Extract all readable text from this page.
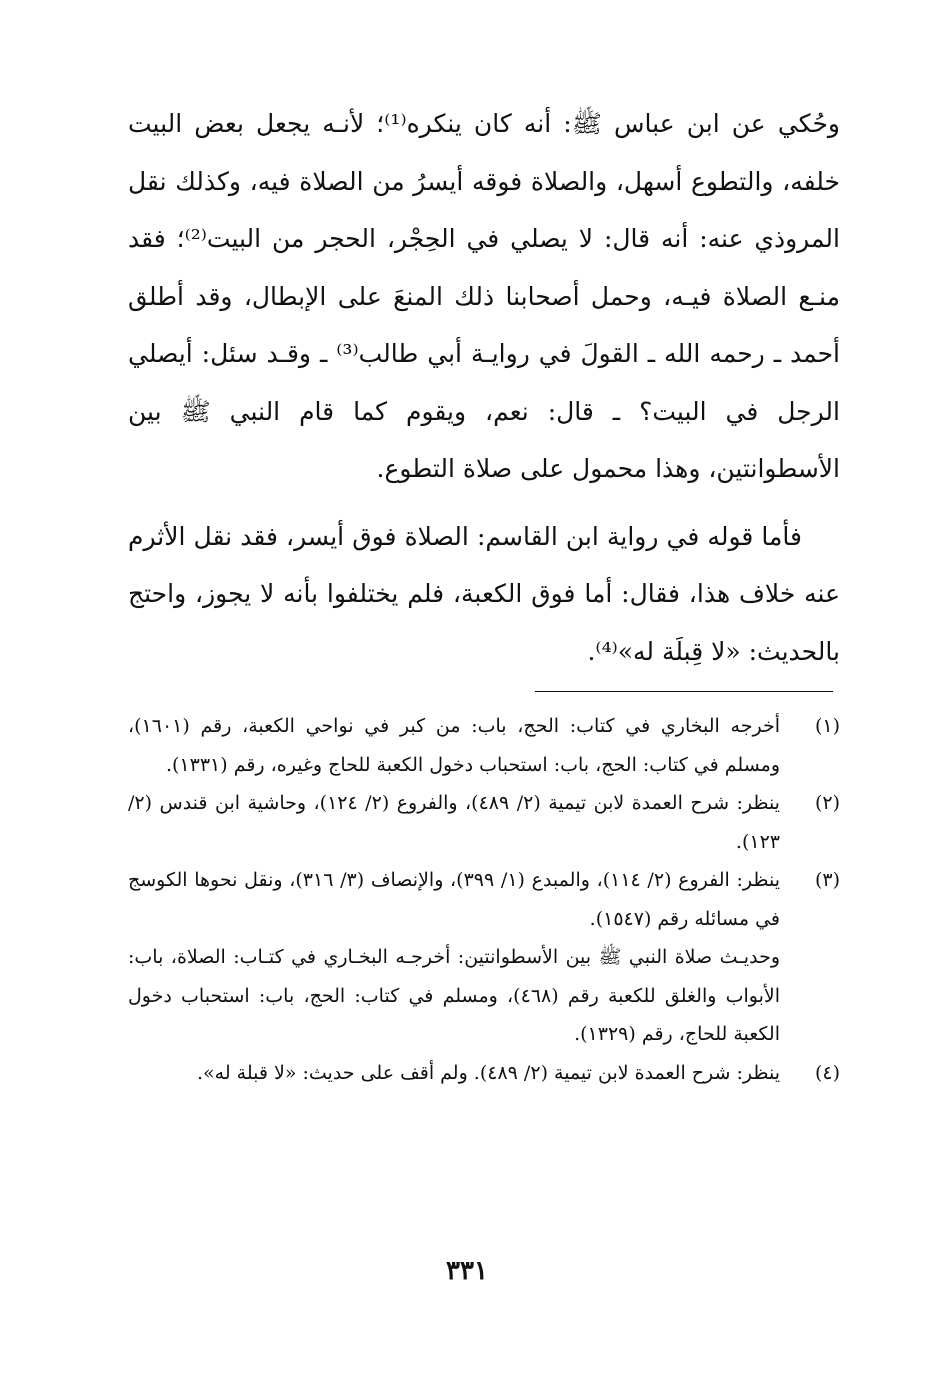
وحُكي عن ابن عباس ﷺ: أنه كان ينكره⁽¹⁾؛ لأنـه يجعل بعض البيت خلفه، والتطوع أسهل، والصلاة فوقه أيسرُ من الصلاة فيه، وكذلك نقل المروذي عنه: أنه قال: لا يصلي في الحِجْر، الحجر من البيت⁽²⁾؛ فقد منـع الصلاة فيـه، وحمل أصحابنا ذلك المنعَ على الإبطال، وقد أطلق أحمد ـ رحمه الله ـ القولَ في روايـة أبي طالب⁽³⁾ ـ وقـد سئل: أيصلي الرجل في البيت؟ ـ قال: نعم، ويقوم كما قام النبي ﷺ بين الأسطوانتين، وهذا محمول على صلاة التطوع.

فأما قوله في رواية ابن القاسم: الصلاة فوق أيسر، فقد نقل الأثرم عنه خلاف هذا، فقال: أما فوق الكعبة، فلم يختلفوا بأنه لا يجوز، واحتج بالحديث: «لا قِبلَة له»⁽⁴⁾.

(١)
أخرجه البخاري في كتاب: الحج، باب: من كبر في نواحي الكعبة، رقم (١٦٠١)، ومسلم في كتاب: الحج، باب: استحباب دخول الكعبة للحاج وغيره، رقم (١٣٣١).
(٢)
ينظر: شرح العمدة لابن تيمية (٢/ ٤٨٩)، والفروع (٢/ ١٢٤)، وحاشية ابن قندس (٢/ ١٢٣).
(٣)
ينظر: الفروع (٢/ ١١٤)، والمبدع (١/ ٣٩٩)، والإنصاف (٣/ ٣١٦)، ونقل نحوها الكوسج في مسائله رقم (١٥٤٧).
وحديـث صلاة النبي ﷺ بين الأسطوانتين: أخرجـه البخـاري في كتـاب: الصلاة، باب: الأبواب والغلق للكعبة رقم (٤٦٨)، ومسلم في كتاب: الحج، باب: استحباب دخول الكعبة للحاج، رقم (١٣٢٩).
(٤)
ينظر: شرح العمدة لابن تيمية (٢/ ٤٨٩). ولم أقف على حديث: «لا قبلة له».
٣٣١
